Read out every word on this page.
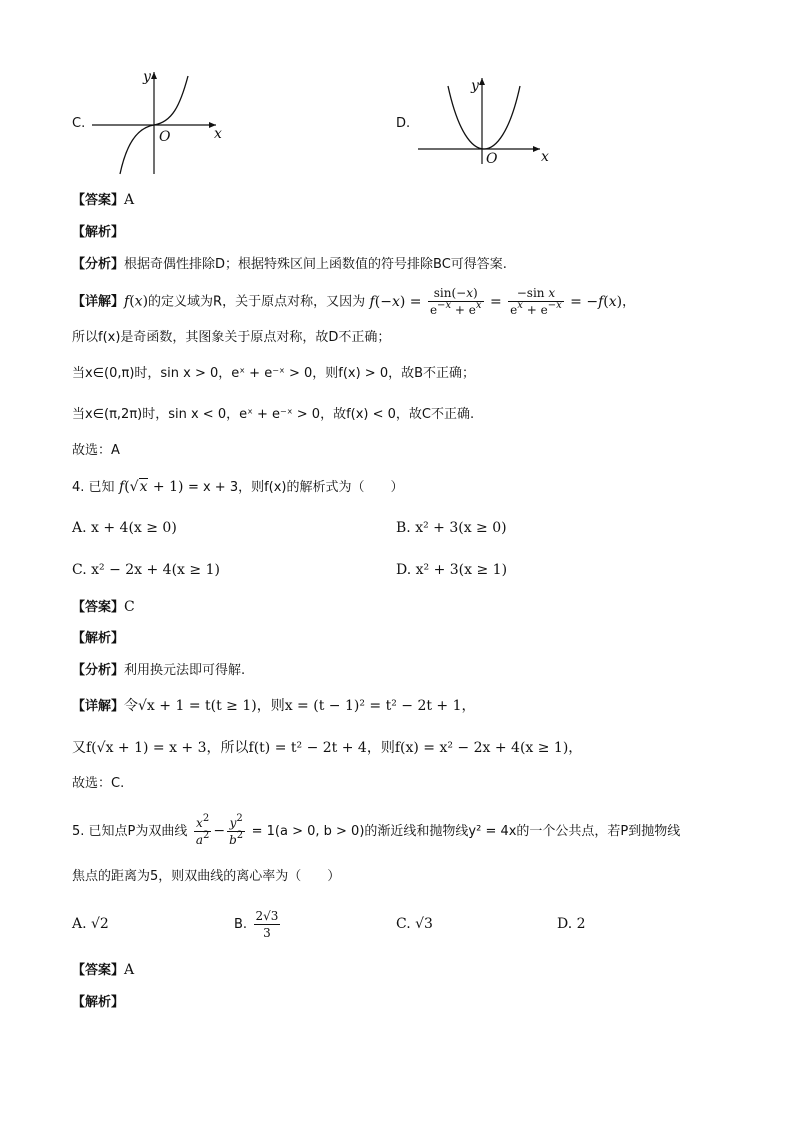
C.
y
x
O
D.
y
x
O
【答案】A
【解析】
【分析】根据奇偶性排除D；根据特殊区间上函数值的符号排除BC可得答案.
【详解】f(x)的定义域为R，关于原点对称，又因为 $f(-x) = \frac{\sin(-x)}{e^{-x} + e^x} = \frac{\text{−sin x}}{e^x + e^{-x}} = -f(x)$，
所以f(x)是奇函数，其图象关于原点对称，故D不正确；
当x∈(0,π)时，sin x > 0，eˣ + e⁻ˣ > 0，则f(x) > 0，故B不正确；
当x∈(π,2π)时，sin x < 0，eˣ + e⁻ˣ > 0，故f(x) < 0，故C不正确.
故选：A
4. 已知 f(√x + 1) = x + 3，则f(x)的解析式为（　　）
A. x + 4(x ≥ 0)	B. x² + 3(x ≥ 0)
C. x² − 2x + 4(x ≥ 1)	D. x² + 3(x ≥ 1)
【答案】C
【解析】
【分析】利用换元法即可得解.
【详解】令√x + 1 = t(t ≥ 1)，则x = (t − 1)² = t² − 2t + 1，
又f(√x + 1) = x + 3，所以f(t) = t² − 2t + 4，则f(x) = x² − 2x + 4(x ≥ 1)，
故选：C.
5. 已知点P为双曲线 $\frac{x^2}{a^2} - \frac{y^2}{b^2} = 1(a > 0$, b > 0)的渐近线和抛物线y² = 4x的一个公共点，若P到抛物线
焦点的距离为5，则双曲线的离心率为（　　）
A. √2	B. $\frac{2√3}{3}$	C. √3	D. 2
【答案】A
【解析】
